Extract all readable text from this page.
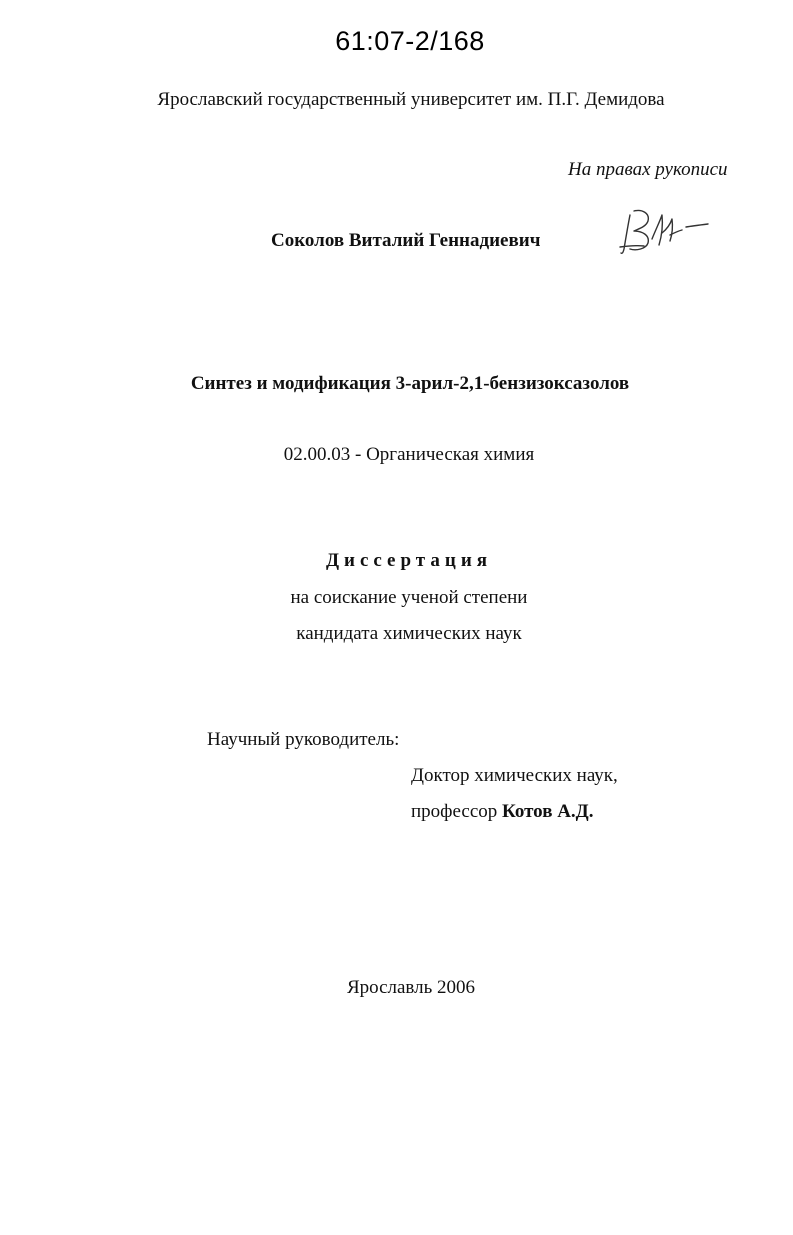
61:07-2/168
Ярославский государственный университет им. П.Г. Демидова
На правах рукописи
Соколов Виталий Геннадиевич
Синтез и модификация 3-арил-2,1-бензизоксазолов
02.00.03 - Органическая химия
Диссертация
на соискание ученой степени
кандидата химических наук
Научный руководитель:
Доктор химических наук,
профессор Котов А.Д.
Ярославль 2006
